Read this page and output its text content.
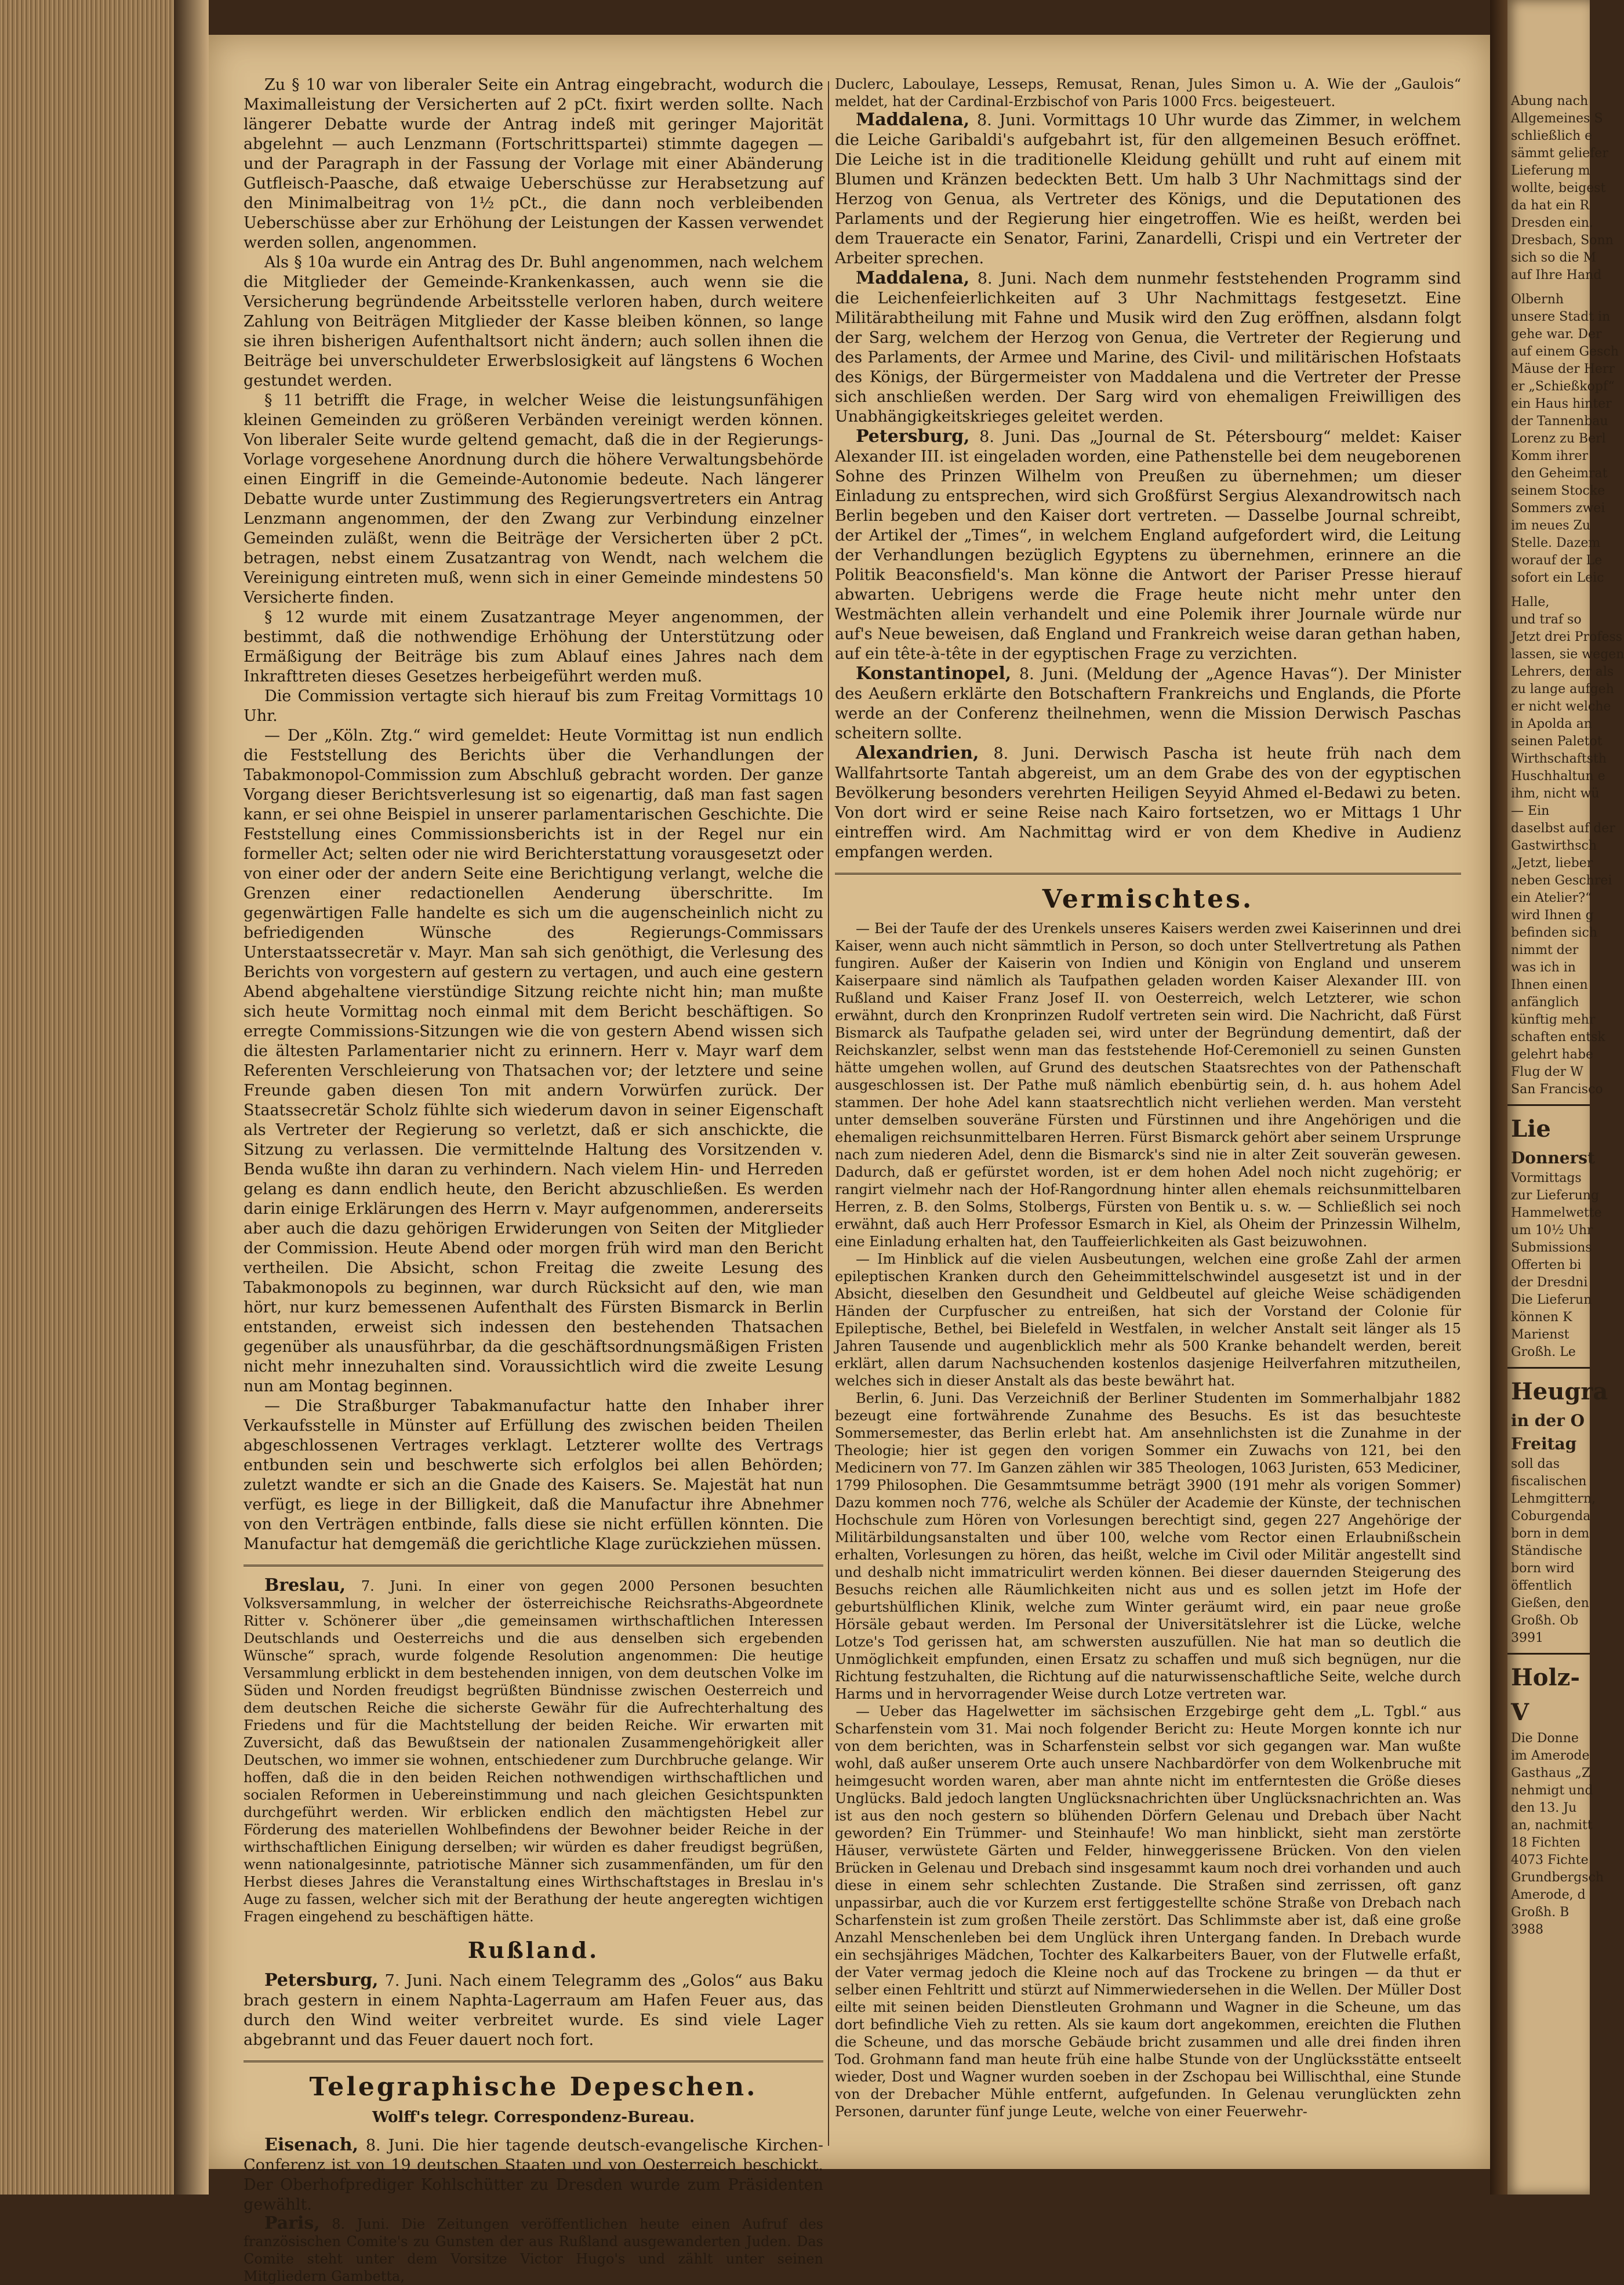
Zu § 10 war von liberaler Seite ein Antrag eingebracht, wodurch die Maximalleistung der Versicherten auf 2 pCt. fixirt werden sollte. Nach längerer Debatte wurde der Antrag indeß mit geringer Majorität abgelehnt — auch Lenzmann (Fortschrittspartei) stimmte dagegen — und der Paragraph in der Fassung der Vorlage mit einer Abänderung Gutfleisch-Paasche, daß etwaige Ueberschüsse zur Herabsetzung auf den Minimalbeitrag von 1½ pCt., die dann noch verbleibenden Ueberschüsse aber zur Erhöhung der Leistungen der Kassen verwendet werden sollen, angenommen.

Als § 10a wurde ein Antrag des Dr. Buhl angenommen, nach welchem die Mitglieder der Gemeinde-Krankenkassen, auch wenn sie die Versicherung begründende Arbeitsstelle verloren haben, durch weitere Zahlung von Beiträgen Mitglieder der Kasse bleiben können, so lange sie ihren bisherigen Aufenthaltsort nicht ändern; auch sollen ihnen die Beiträge bei unverschuldeter Erwerbslosigkeit auf längstens 6 Wochen gestundet werden.

§ 11 betrifft die Frage, in welcher Weise die leistungsunfähigen kleinen Gemeinden zu größeren Verbänden vereinigt werden können. Von liberaler Seite wurde geltend gemacht, daß die in der Regierungs-Vorlage vorgesehene Anordnung durch die höhere Verwaltungsbehörde einen Eingriff in die Gemeinde-Autonomie bedeute. Nach längerer Debatte wurde unter Zustimmung des Regierungsvertreters ein Antrag Lenzmann angenommen, der den Zwang zur Verbindung einzelner Gemeinden zuläßt, wenn die Beiträge der Versicherten über 2 pCt. betragen, nebst einem Zusatzantrag von Wendt, nach welchem die Vereinigung eintreten muß, wenn sich in einer Gemeinde mindestens 50 Versicherte finden.

§ 12 wurde mit einem Zusatzantrage Meyer angenommen, der bestimmt, daß die nothwendige Erhöhung der Unterstützung oder Ermäßigung der Beiträge bis zum Ablauf eines Jahres nach dem Inkrafttreten dieses Gesetzes herbeigeführt werden muß.

Die Commission vertagte sich hierauf bis zum Freitag Vormittags 10 Uhr.

— Der „Köln. Ztg.“ wird gemeldet: Heute Vormittag ist nun endlich die Feststellung des Berichts über die Verhandlungen der Tabakmonopol-Commission zum Abschluß gebracht worden. Der ganze Vorgang dieser Berichtsverlesung ist so eigenartig, daß man fast sagen kann, er sei ohne Beispiel in unserer parlamentarischen Geschichte. Die Feststellung eines Commissionsberichts ist in der Regel nur ein formeller Act; selten oder nie wird Berichterstattung vorausgesetzt oder von einer oder der andern Seite eine Berichtigung verlangt, welche die Grenzen einer redactionellen Aenderung überschritte. Im gegenwärtigen Falle handelte es sich um die augenscheinlich nicht zu befriedigenden Wünsche des Regierungs-Commissars Unterstaatssecretär v. Mayr. Man sah sich genöthigt, die Verlesung des Berichts von vorgestern auf gestern zu vertagen, und auch eine gestern Abend abgehaltene vierstündige Sitzung reichte nicht hin; man mußte sich heute Vormittag noch einmal mit dem Bericht beschäftigen. So erregte Commissions-Sitzungen wie die von gestern Abend wissen sich die ältesten Parlamentarier nicht zu erinnern. Herr v. Mayr warf dem Referenten Verschleierung von Thatsachen vor; der letztere und seine Freunde gaben diesen Ton mit andern Vorwürfen zurück. Der Staatssecretär Scholz fühlte sich wiederum davon in seiner Eigenschaft als Vertreter der Regierung so verletzt, daß er sich anschickte, die Sitzung zu verlassen. Die vermittelnde Haltung des Vorsitzenden v. Benda wußte ihn daran zu verhindern. Nach vielem Hin- und Herreden gelang es dann endlich heute, den Bericht abzuschließen. Es werden darin einige Erklärungen des Herrn v. Mayr aufgenommen, andererseits aber auch die dazu gehörigen Erwiderungen von Seiten der Mitglieder der Commission. Heute Abend oder morgen früh wird man den Bericht vertheilen. Die Absicht, schon Freitag die zweite Lesung des Tabakmonopols zu beginnen, war durch Rücksicht auf den, wie man hört, nur kurz bemessenen Aufenthalt des Fürsten Bismarck in Berlin entstanden, erweist sich indessen den bestehenden Thatsachen gegenüber als unausführbar, da die geschäftsordnungsmäßigen Fristen nicht mehr innezuhalten sind. Voraussichtlich wird die zweite Lesung nun am Montag beginnen.

— Die Straßburger Tabakmanufactur hatte den Inhaber ihrer Verkaufsstelle in Münster auf Erfüllung des zwischen beiden Theilen abgeschlossenen Vertrages verklagt. Letzterer wollte des Vertrags entbunden sein und beschwerte sich erfolglos bei allen Behörden; zuletzt wandte er sich an die Gnade des Kaisers. Se. Majestät hat nun verfügt, es liege in der Billigkeit, daß die Manufactur ihre Abnehmer von den Verträgen entbinde, falls diese sie nicht erfüllen könnten. Die Manufactur hat demgemäß die gerichtliche Klage zurückziehen müssen.

Breslau, 7. Juni. In einer von gegen 2000 Personen besuchten Volksversammlung, in welcher der österreichische Reichsraths-Abgeordnete Ritter v. Schönerer über „die gemeinsamen wirthschaftlichen Interessen Deutschlands und Oesterreichs und die aus denselben sich ergebenden Wünsche“ sprach, wurde folgende Resolution angenommen: Die heutige Versammlung erblickt in dem bestehenden innigen, von dem deutschen Volke im Süden und Norden freudigst begrüßten Bündnisse zwischen Oesterreich und dem deutschen Reiche die sicherste Gewähr für die Aufrechterhaltung des Friedens und für die Machtstellung der beiden Reiche. Wir erwarten mit Zuversicht, daß das Bewußtsein der nationalen Zusammengehörigkeit aller Deutschen, wo immer sie wohnen, entschiedener zum Durchbruche gelange. Wir hoffen, daß die in den beiden Reichen nothwendigen wirthschaftlichen und socialen Reformen in Uebereinstimmung und nach gleichen Gesichtspunkten durchgeführt werden. Wir erblicken endlich den mächtigsten Hebel zur Förderung des materiellen Wohlbefindens der Bewohner beider Reiche in der wirthschaftlichen Einigung derselben; wir würden es daher freudigst begrüßen, wenn nationalgesinnte, patriotische Männer sich zusammenfänden, um für den Herbst dieses Jahres die Veranstaltung eines Wirthschaftstages in Breslau in's Auge zu fassen, welcher sich mit der Berathung der heute angeregten wichtigen Fragen eingehend zu beschäftigen hätte.

Rußland.

Petersburg, 7. Juni. Nach einem Telegramm des „Golos“ aus Baku brach gestern in einem Naphta-Lagerraum am Hafen Feuer aus, das durch den Wind weiter verbreitet wurde. Es sind viele Lager abgebrannt und das Feuer dauert noch fort.

Telegraphische Depeschen.
Wolff's telegr. Correspondenz-Bureau.

Eisenach, 8. Juni. Die hier tagende deutsch-evangelische Kirchen-Conferenz ist von 19 deutschen Staaten und von Oesterreich beschickt. Der Oberhofprediger Kohlschütter zu Dresden wurde zum Präsidenten gewählt.

Paris, 8. Juni. Die Zeitungen veröffentlichen heute einen Aufruf des französischen Comite's zu Gunsten der aus Rußland ausgewanderten Juden. Das Comite steht unter dem Vorsitze Victor Hugo's und zählt unter seinen Mitgliedern Gambetta,

Duclerc, Laboulaye, Lesseps, Remusat, Renan, Jules Simon u. A. Wie der „Gaulois“ meldet, hat der Cardinal-Erzbischof von Paris 1000 Frcs. beigesteuert.

Maddalena, 8. Juni. Vormittags 10 Uhr wurde das Zimmer, in welchem die Leiche Garibaldi's aufgebahrt ist, für den allgemeinen Besuch eröffnet. Die Leiche ist in die traditionelle Kleidung gehüllt und ruht auf einem mit Blumen und Kränzen bedeckten Bett. Um halb 3 Uhr Nachmittags sind der Herzog von Genua, als Vertreter des Königs, und die Deputationen des Parlaments und der Regierung hier eingetroffen. Wie es heißt, werden bei dem Traueracte ein Senator, Farini, Zanardelli, Crispi und ein Vertreter der Arbeiter sprechen.

Maddalena, 8. Juni. Nach dem nunmehr feststehenden Programm sind die Leichenfeierlichkeiten auf 3 Uhr Nachmittags festgesetzt. Eine Militärabtheilung mit Fahne und Musik wird den Zug eröffnen, alsdann folgt der Sarg, welchem der Herzog von Genua, die Vertreter der Regierung und des Parlaments, der Armee und Marine, des Civil- und militärischen Hofstaats des Königs, der Bürgermeister von Maddalena und die Vertreter der Presse sich anschließen werden. Der Sarg wird von ehemaligen Freiwilligen des Unabhängigkeitskrieges geleitet werden.

Petersburg, 8. Juni. Das „Journal de St. Pétersbourg“ meldet: Kaiser Alexander III. ist eingeladen worden, eine Pathenstelle bei dem neugeborenen Sohne des Prinzen Wilhelm von Preußen zu übernehmen; um dieser Einladung zu entsprechen, wird sich Großfürst Sergius Alexandrowitsch nach Berlin begeben und den Kaiser dort vertreten. — Dasselbe Journal schreibt, der Artikel der „Times“, in welchem England aufgefordert wird, die Leitung der Verhandlungen bezüglich Egyptens zu übernehmen, erinnere an die Politik Beaconsfield's. Man könne die Antwort der Pariser Presse hierauf abwarten. Uebrigens werde die Frage heute nicht mehr unter den Westmächten allein verhandelt und eine Polemik ihrer Journale würde nur auf's Neue beweisen, daß England und Frankreich weise daran gethan haben, auf ein tête-à-tête in der egyptischen Frage zu verzichten.

Konstantinopel, 8. Juni. (Meldung der „Agence Havas“). Der Minister des Aeußern erklärte den Botschaftern Frankreichs und Englands, die Pforte werde an der Conferenz theilnehmen, wenn die Mission Derwisch Paschas scheitern sollte.

Alexandrien, 8. Juni. Derwisch Pascha ist heute früh nach dem Wallfahrtsorte Tantah abgereist, um an dem Grabe des von der egyptischen Bevölkerung besonders verehrten Heiligen Seyyid Ahmed el-Bedawi zu beten. Von dort wird er seine Reise nach Kairo fortsetzen, wo er Mittags 1 Uhr eintreffen wird. Am Nachmittag wird er von dem Khedive in Audienz empfangen werden.

Vermischtes.

— Bei der Taufe der des Urenkels unseres Kaisers werden zwei Kaiserinnen und drei Kaiser, wenn auch nicht sämmtlich in Person, so doch unter Stellvertretung als Pathen fungiren. Außer der Kaiserin von Indien und Königin von England und unserem Kaiserpaare sind nämlich als Taufpathen geladen worden Kaiser Alexander III. von Rußland und Kaiser Franz Josef II. von Oesterreich, welch Letzterer, wie schon erwähnt, durch den Kronprinzen Rudolf vertreten sein wird. Die Nachricht, daß Fürst Bismarck als Taufpathe geladen sei, wird unter der Begründung dementirt, daß der Reichskanzler, selbst wenn man das feststehende Hof-Ceremoniell zu seinen Gunsten hätte umgehen wollen, auf Grund des deutschen Staatsrechtes von der Pathenschaft ausgeschlossen ist. Der Pathe muß nämlich ebenbürtig sein, d. h. aus hohem Adel stammen. Der hohe Adel kann staatsrechtlich nicht verliehen werden. Man versteht unter demselben souveräne Fürsten und Fürstinnen und ihre Angehörigen und die ehemaligen reichsunmittelbaren Herren. Fürst Bismarck gehört aber seinem Ursprunge nach zum niederen Adel, denn die Bismarck's sind nie in alter Zeit souverän gewesen. Dadurch, daß er gefürstet worden, ist er dem hohen Adel noch nicht zugehörig; er rangirt vielmehr nach der Hof-Rangordnung hinter allen ehemals reichsunmittelbaren Herren, z. B. den Solms, Stolbergs, Fürsten von Bentik u. s. w. — Schließlich sei noch erwähnt, daß auch Herr Professor Esmarch in Kiel, als Oheim der Prinzessin Wilhelm, eine Einladung erhalten hat, den Tauffeierlichkeiten als Gast beizuwohnen.

— Im Hinblick auf die vielen Ausbeutungen, welchen eine große Zahl der armen epileptischen Kranken durch den Geheimmittelschwindel ausgesetzt ist und in der Absicht, dieselben den Gesundheit und Geldbeutel auf gleiche Weise schädigenden Händen der Curpfuscher zu entreißen, hat sich der Vorstand der Colonie für Epileptische, Bethel, bei Bielefeld in Westfalen, in welcher Anstalt seit länger als 15 Jahren Tausende und augenblicklich mehr als 500 Kranke behandelt werden, bereit erklärt, allen darum Nachsuchenden kostenlos dasjenige Heilverfahren mitzutheilen, welches sich in dieser Anstalt als das beste bewährt hat.

Berlin, 6. Juni. Das Verzeichniß der Berliner Studenten im Sommerhalbjahr 1882 bezeugt eine fortwährende Zunahme des Besuchs. Es ist das besuchteste Sommersemester, das Berlin erlebt hat. Am ansehnlichsten ist die Zunahme in der Theologie; hier ist gegen den vorigen Sommer ein Zuwachs von 121, bei den Medicinern von 77. Im Ganzen zählen wir 385 Theologen, 1063 Juristen, 653 Mediciner, 1799 Philosophen. Die Gesammtsumme beträgt 3900 (191 mehr als vorigen Sommer) Dazu kommen noch 776, welche als Schüler der Academie der Künste, der technischen Hochschule zum Hören von Vorlesungen berechtigt sind, gegen 227 Angehörige der Militärbildungsanstalten und über 100, welche vom Rector einen Erlaubnißschein erhalten, Vorlesungen zu hören, das heißt, welche im Civil oder Militär angestellt sind und deshalb nicht immatriculirt werden können. Bei dieser dauernden Steigerung des Besuchs reichen alle Räumlichkeiten nicht aus und es sollen jetzt im Hofe der geburtshülflichen Klinik, welche zum Winter geräumt wird, ein paar neue große Hörsäle gebaut werden. Im Personal der Universitätslehrer ist die Lücke, welche Lotze's Tod gerissen hat, am schwersten auszufüllen. Nie hat man so deutlich die Unmöglichkeit empfunden, einen Ersatz zu schaffen und muß sich begnügen, nur die Richtung festzuhalten, die Richtung auf die naturwissenschaftliche Seite, welche durch Harms und in hervorragender Weise durch Lotze vertreten war.

— Ueber das Hagelwetter im sächsischen Erzgebirge geht dem „L. Tgbl.“ aus Scharfenstein vom 31. Mai noch folgender Bericht zu: Heute Morgen konnte ich nur von dem berichten, was in Scharfenstein selbst vor sich gegangen war. Man wußte wohl, daß außer unserem Orte auch unsere Nachbardörfer von dem Wolkenbruche mit heimgesucht worden waren, aber man ahnte nicht im entferntesten die Größe dieses Unglücks. Bald jedoch langten Unglücksnachrichten über Unglücksnachrichten an. Was ist aus den noch gestern so blühenden Dörfern Gelenau und Drebach über Nacht geworden? Ein Trümmer- und Steinhaufe! Wo man hinblickt, sieht man zerstörte Häuser, verwüstete Gärten und Felder, hinweggerissene Brücken. Von den vielen Brücken in Gelenau und Drebach sind insgesammt kaum noch drei vorhanden und auch diese in einem sehr schlechten Zustande. Die Straßen sind zerrissen, oft ganz unpassirbar, auch die vor Kurzem erst fertiggestellte schöne Straße von Drebach nach Scharfenstein ist zum großen Theile zerstört. Das Schlimmste aber ist, daß eine große Anzahl Menschenleben bei dem Unglück ihren Untergang fanden. In Drebach wurde ein sechsjähriges Mädchen, Tochter des Kalkarbeiters Bauer, von der Flutwelle erfaßt, der Vater vermag jedoch die Kleine noch auf das Trockene zu bringen — da thut er selber einen Fehltritt und stürzt auf Nimmerwiedersehen in die Wellen. Der Müller Dost eilte mit seinen beiden Dienstleuten Grohmann und Wagner in die Scheune, um das dort befindliche Vieh zu retten. Als sie kaum dort angekommen, ereichten die Fluthen die Scheune, und das morsche Gebäude bricht zusammen und alle drei finden ihren Tod. Grohmann fand man heute früh eine halbe Stunde von der Unglücksstätte entseelt wieder, Dost und Wagner wurden soeben in der Zschopau bei Willischthal, eine Stunde von der Drebacher Mühle entfernt, aufgefunden. In Gelenau verunglückten zehn Personen, darunter fünf junge Leute, welche von einer Feuerwehr-

Abung nach
Allgemeines S
schließlich e
sämmt geliefer
Lieferung m
wollte, beigest
da hat ein R
Dresden ein.
Dresbach, Sonn
sich so die M
auf Ihre Hand
Olbernh
unsere Stadt in
gehe war. Der
auf einem Gesch
Mäuse der Herr
er „Schießkopf“
ein Haus hinter
der Tannenbau
Lorenz zu Berl
Komm ihrer
den Geheimrat
seinem Stocke
Sommers zwei
im neues Zu
Stelle. Dazem
worauf der Le
sofort ein Leic
Halle,
und traf so
Jetzt drei Profess
lassen, sie wegen
Lehrers, der als
zu lange aufgeh
er nicht welche
in Apolda an
seinen Paletot
Wirthschaftsth
Huschhaltun e
ihm, nicht wü
— Ein
daselbst auf der
Gastwirthsch
„Jetzt, lieber
neben Geschrei
ein Atelier?“
wird Ihnen g
befinden sich
nimmt der
was ich in
Ihnen einen
anfänglich
künftig mehr
schaften entsk
gelehrt habe
Flug der W
San Francisco
Lie
Donnerst
Vormittags
zur Lieferung
Hammelwette
um 10½ Uhr
Submissions
Offerten bi
der Dresdni
Die Lieferun
können K
Marienst
Großh. Le
Heugra
in der O
Freitag
soll das
fiscalischen
Lehmgittern,
Coburgenda
born in dem
Ständische
born wird
öffentlich
Gießen, den
Großh. Ob
3991
Holz-V
Die Donne
im Amerode
Gasthaus „Z
nehmigt und
den 13. Ju
an, nachmitt
18 Fichten
4073 Fichte
Grundbergsch
Amerode, d
Großh. B
3988
